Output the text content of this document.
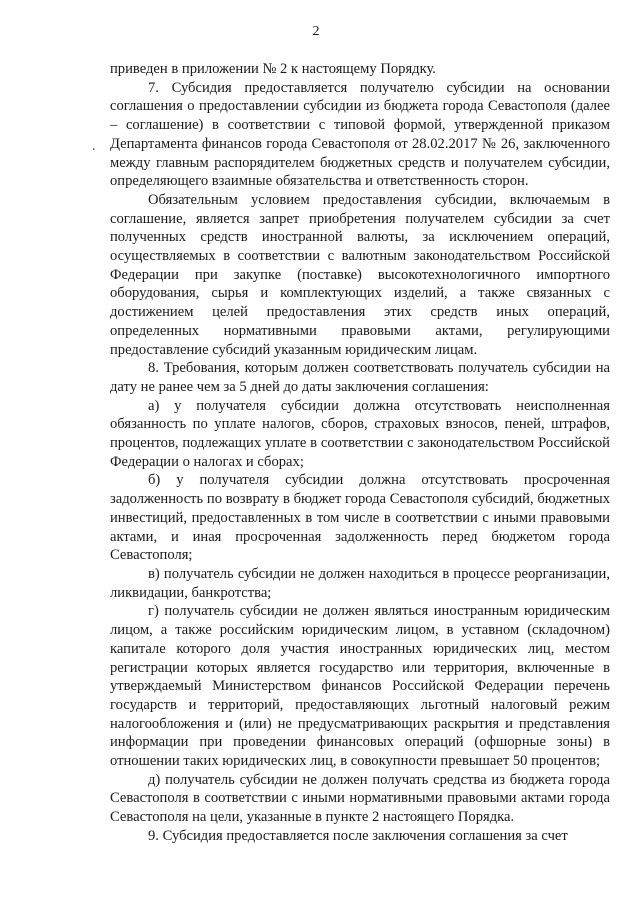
2
.

приведен в приложении № 2 к настоящему Порядку.

7. Субсидия предоставляется получателю субсидии на основании соглашения о предоставлении субсидии из бюджета города Севастополя (далее – соглашение) в соответствии с типовой формой, утвержденной приказом Департамента финансов города Севастополя от 28.02.2017 № 26, заключенного между главным распорядителем бюджетных средств и получателем субсидии, определяющего взаимные обязательства и ответственность сторон.

Обязательным условием предоставления субсидии, включаемым в соглашение, является запрет приобретения получателем субсидии за счет полученных средств иностранной валюты, за исключением операций, осуществляемых в соответствии с валютным законодательством Российской Федерации при закупке (поставке) высокотехнологичного импортного оборудования, сырья и комплектующих изделий, а также связанных с достижением целей предоставления этих средств иных операций, определенных нормативными правовыми актами, регулирующими предоставление субсидий указанным юридическим лицам.

8. Требования, которым должен соответствовать получатель субсидии на дату не ранее чем за 5 дней до даты заключения соглашения:

а) у получателя субсидии должна отсутствовать неисполненная обязанность по уплате налогов, сборов, страховых взносов, пеней, штрафов, процентов, подлежащих уплате в соответствии с законодательством Российской Федерации о налогах и сборах;

б) у получателя субсидии должна отсутствовать просроченная задолженность по возврату в бюджет города Севастополя субсидий, бюджетных инвестиций, предоставленных в том числе в соответствии с иными правовыми актами, и иная просроченная задолженность перед бюджетом города Севастополя;

в) получатель субсидии не должен находиться в процессе реорганизации, ликвидации, банкротства;

г) получатель субсидии не должен являться иностранным юридическим лицом, а также российским юридическим лицом, в уставном (складочном) капитале которого доля участия иностранных юридических лиц, местом регистрации которых является государство или территория, включенные в утверждаемый Министерством финансов Российской Федерации перечень государств и территорий, предоставляющих льготный налоговый режим налогообложения и (или) не предусматривающих раскрытия и представления информации при проведении финансовых операций (офшорные зоны) в отношении таких юридических лиц, в совокупности превышает 50 процентов;

д) получатель субсидии не должен получать средства из бюджета города Севастополя в соответствии с иными нормативными правовыми актами города Севастополя на цели, указанные в пункте 2 настоящего Порядка.

9. Субсидия предоставляется после заключения соглашения за счет
